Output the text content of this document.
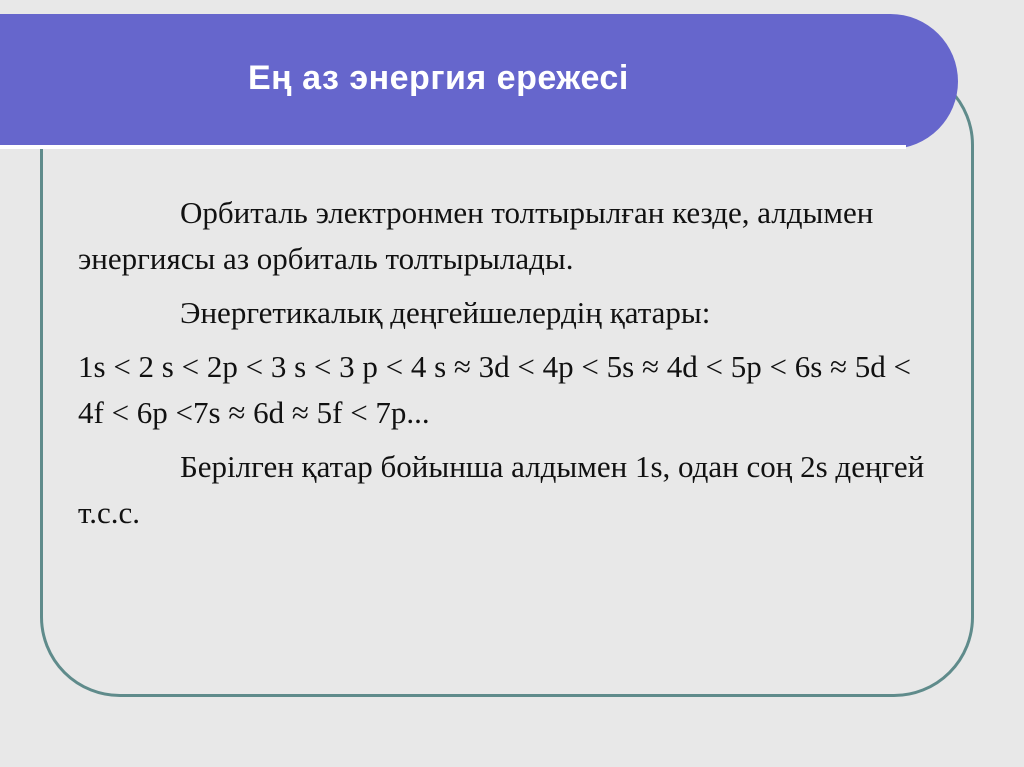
Ең аз энергия ережесі

Орбиталь электронмен толтырылған кезде, алдымен энергиясы аз орбиталь толтырылады.

Энергетикалық деңгейшелердің қатары:

1s < 2 s < 2p < 3 s < 3 p < 4 s ≈ 3d < 4p < 5s ≈ 4d < 5p < 6s ≈ 5d < 4f < 6p <7s ≈ 6d ≈ 5f < 7p...

Берілген қатар бойынша алдымен 1s, одан соң 2s деңгей т.с.с.
